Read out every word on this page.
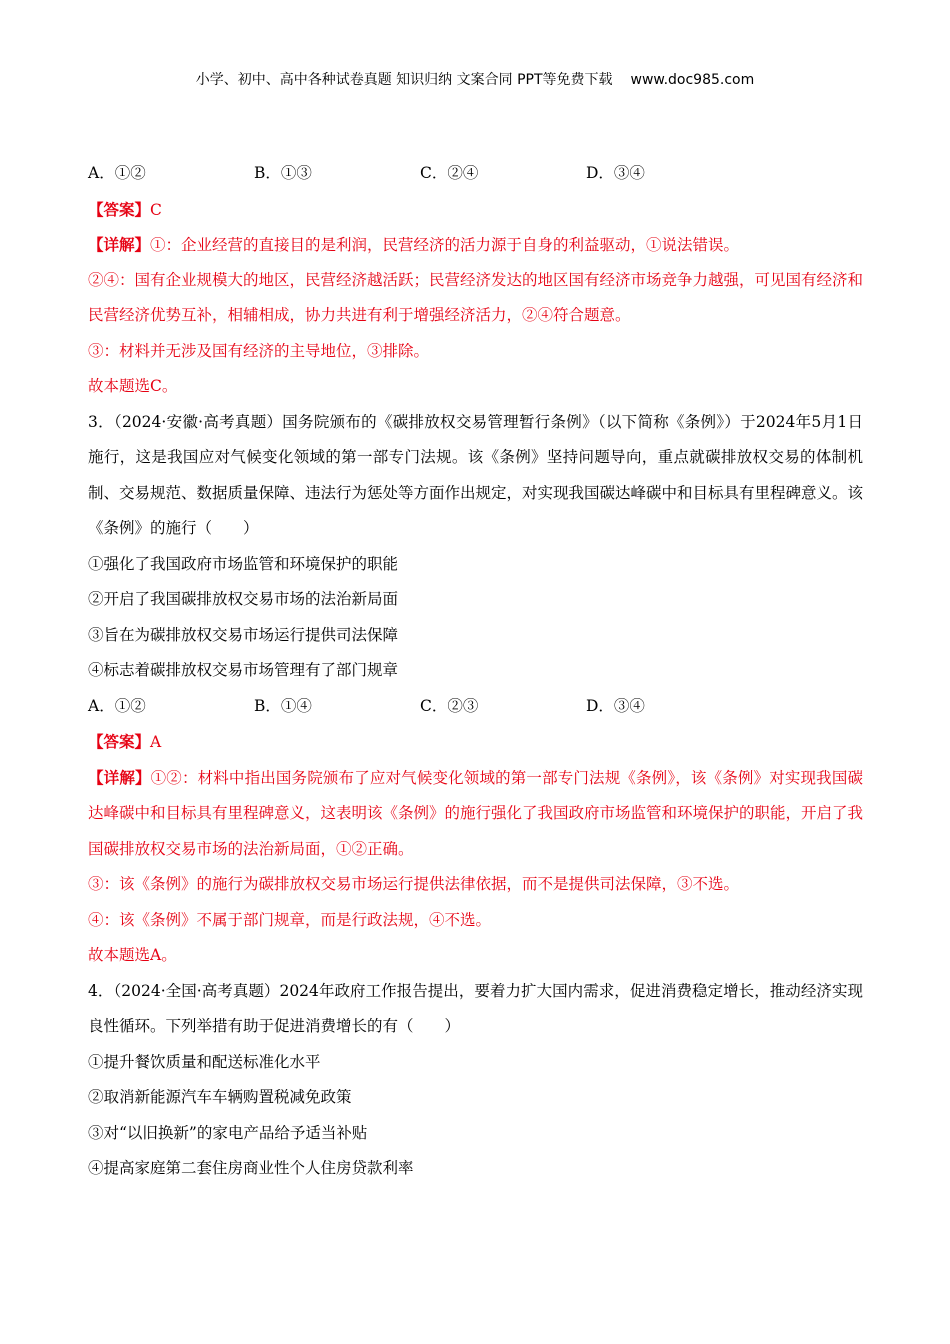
小学、初中、高中各种试卷真题 知识归纳 文案合同 PPT等免费下载 www.doc985.com
A．①②	B．①③	C．②④	D．③④
【答案】C
【详解】①：企业经营的直接目的是利润，民营经济的活力源于自身的利益驱动，①说法错误。
②④：国有企业规模大的地区，民营经济越活跃；民营经济发达的地区国有经济市场竞争力越强，可见国有经济和民营经济优势互补，相辅相成，协力共进有利于增强经济活力，②④符合题意。
③：材料并无涉及国有经济的主导地位，③排除。
故本题选C。
3．（2024·安徽·高考真题）国务院颁布的《碳排放权交易管理暂行条例》（以下简称《条例》）于2024年5月1日施行，这是我国应对气候变化领域的第一部专门法规。该《条例》坚持问题导向，重点就碳排放权交易的体制机制、交易规范、数据质量保障、违法行为惩处等方面作出规定，对实现我国碳达峰碳中和目标具有里程碑意义。该《条例》的施行（　　）
①强化了我国政府市场监管和环境保护的职能
②开启了我国碳排放权交易市场的法治新局面
③旨在为碳排放权交易市场运行提供司法保障
④标志着碳排放权交易市场管理有了部门规章
A．①②	B．①④	C．②③	D．③④
【答案】A
【详解】①②：材料中指出国务院颁布了应对气候变化领域的第一部专门法规《条例》，该《条例》对实现我国碳达峰碳中和目标具有里程碑意义，这表明该《条例》的施行强化了我国政府市场监管和环境保护的职能，开启了我国碳排放权交易市场的法治新局面，①②正确。
③：该《条例》的施行为碳排放权交易市场运行提供法律依据，而不是提供司法保障，③不选。
④：该《条例》不属于部门规章，而是行政法规，④不选。
故本题选A。
4．（2024·全国·高考真题）2024年政府工作报告提出，要着力扩大国内需求，促进消费稳定增长，推动经济实现良性循环。下列举措有助于促进消费增长的有（　　）
①提升餐饮质量和配送标准化水平
②取消新能源汽车车辆购置税减免政策
③对“以旧换新”的家电产品给予适当补贴
④提高家庭第二套住房商业性个人住房贷款利率
